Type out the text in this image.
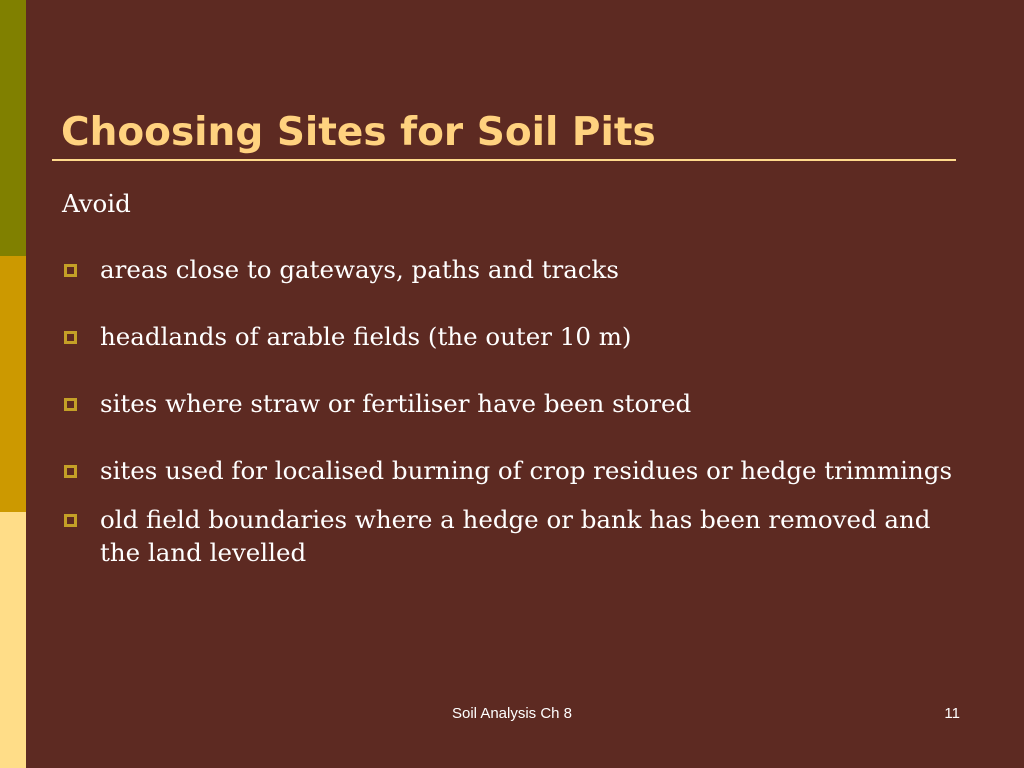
Choosing Sites for Soil Pits

Avoid

areas close to gateways, paths and tracks
headlands of arable fields (the outer 10 m)
sites where straw or fertiliser have been stored
sites used for localised burning of crop residues or hedge trimmings
old field boundaries where a hedge or bank has been removed and
the land levelled
Soil Analysis Ch 8	11
